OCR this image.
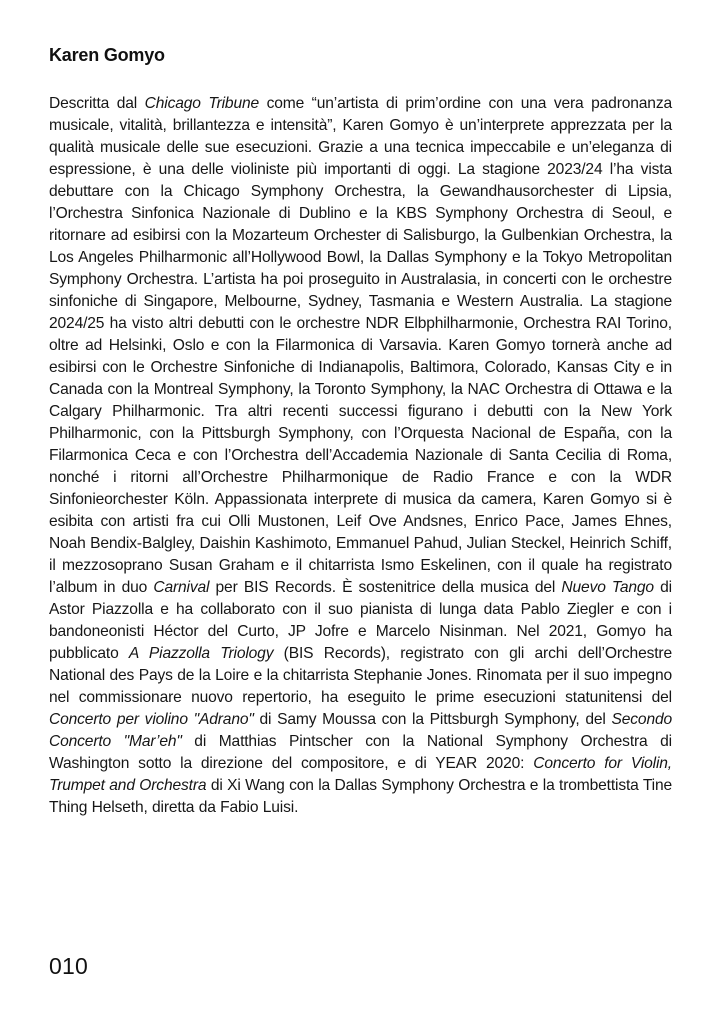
Karen Gomyo

Descritta dal Chicago Tribune come “un’artista di prim’ordine con una vera padronanza musicale, vitalità, brillantezza e intensità”, Karen Gomyo è un’interprete apprezzata per la qualità musicale delle sue esecuzioni. Grazie a una tecnica impeccabile e un’eleganza di espressione, è una delle violiniste più importanti di oggi. La stagione 2023/24 l’ha vista debuttare con la Chicago Symphony Orchestra, la Gewandhausorchester di Lipsia, l’Orchestra Sinfonica Nazionale di Dublino e la KBS Symphony Orchestra di Seoul, e ritornare ad esibirsi con la Mozarteum Orchester di Salisburgo, la Gulbenkian Orchestra, la Los Angeles Philharmonic all’Hollywood Bowl, la Dallas Symphony e la Tokyo Metropolitan Symphony Orchestra. L’artista ha poi proseguito in Australasia, in concerti con le orchestre sinfoniche di Singapore, Melbourne, Sydney, Tasmania e Western Australia. La stagione 2024/25 ha visto altri debutti con le orchestre NDR Elbphilharmonie, Orchestra RAI Torino, oltre ad Helsinki, Oslo e con la Filarmonica di Varsavia. Karen Gomyo tornerà anche ad esibirsi con le Orchestre Sinfoniche di Indianapolis, Baltimora, Colorado, Kansas City e in Canada con la Montreal Symphony, la Toronto Symphony, la NAC Orchestra di Ottawa e la Calgary Philharmonic. Tra altri recenti successi figurano i debutti con la New York Philharmonic, con la Pittsburgh Symphony, con l’Orquesta Nacional de España, con la Filarmonica Ceca e con l’Orchestra dell’Accademia Nazionale di Santa Cecilia di Roma, nonché i ritorni all’Orchestre Philharmonique de Radio France e con la WDR Sinfonieorchester Köln. Appassionata interprete di musica da camera, Karen Gomyo si è esibita con artisti fra cui Olli Mustonen, Leif Ove Andsnes, Enrico Pace, James Ehnes, Noah Bendix-Balgley, Daishin Kashimoto, Emmanuel Pahud, Julian Steckel, Heinrich Schiff, il mezzosoprano Susan Graham e il chitarrista Ismo Eskelinen, con il quale ha registrato l’album in duo Carnival per BIS Records. È sostenitrice della musica del Nuevo Tango di Astor Piazzolla e ha collaborato con il suo pianista di lunga data Pablo Ziegler e con i bandoneonisti Héctor del Curto, JP Jofre e Marcelo Nisinman. Nel 2021, Gomyo ha pubblicato A Piazzolla Triology (BIS Records), registrato con gli archi dell’Orchestre National des Pays de la Loire e la chitarrista Stephanie Jones. Rinomata per il suo impegno nel commissionare nuovo repertorio, ha eseguito le prime esecuzioni statunitensi del Concerto per violino "Adrano" di Samy Moussa con la Pittsburgh Symphony, del Secondo Concerto "Mar’eh" di Matthias Pintscher con la National Symphony Orchestra di Washington sotto la direzione del compositore, e di YEAR 2020: Concerto for Violin, Trumpet and Orchestra di Xi Wang con la Dallas Symphony Orchestra e la trombettista Tine Thing Helseth, diretta da Fabio Luisi.

010
